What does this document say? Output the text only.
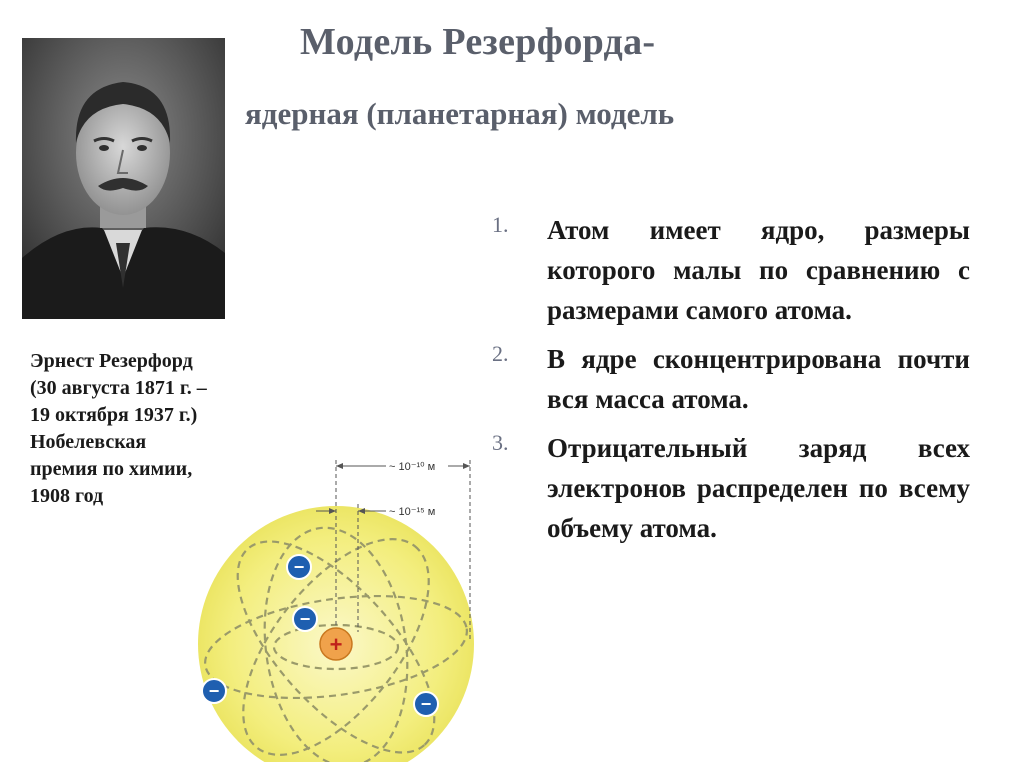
Модель Резерфорда-
ядерная (планетарная) модель
Эрнест Резерфорд
(30 августа 1871 г. –
19 октября 1937 г.)
Нобелевская
премия по химии,
1908 год
1. Атом имеет ядро, размеры которого малы по сравнению с размерами самого атома.
2. В ядре сконцентрирована почти вся масса атома.
3. Отрицательный заряд всех электронов распределен по всему объему атома.
~ 10⁻¹⁰ м
~ 10⁻¹⁵ м
+
−
−
−
−
